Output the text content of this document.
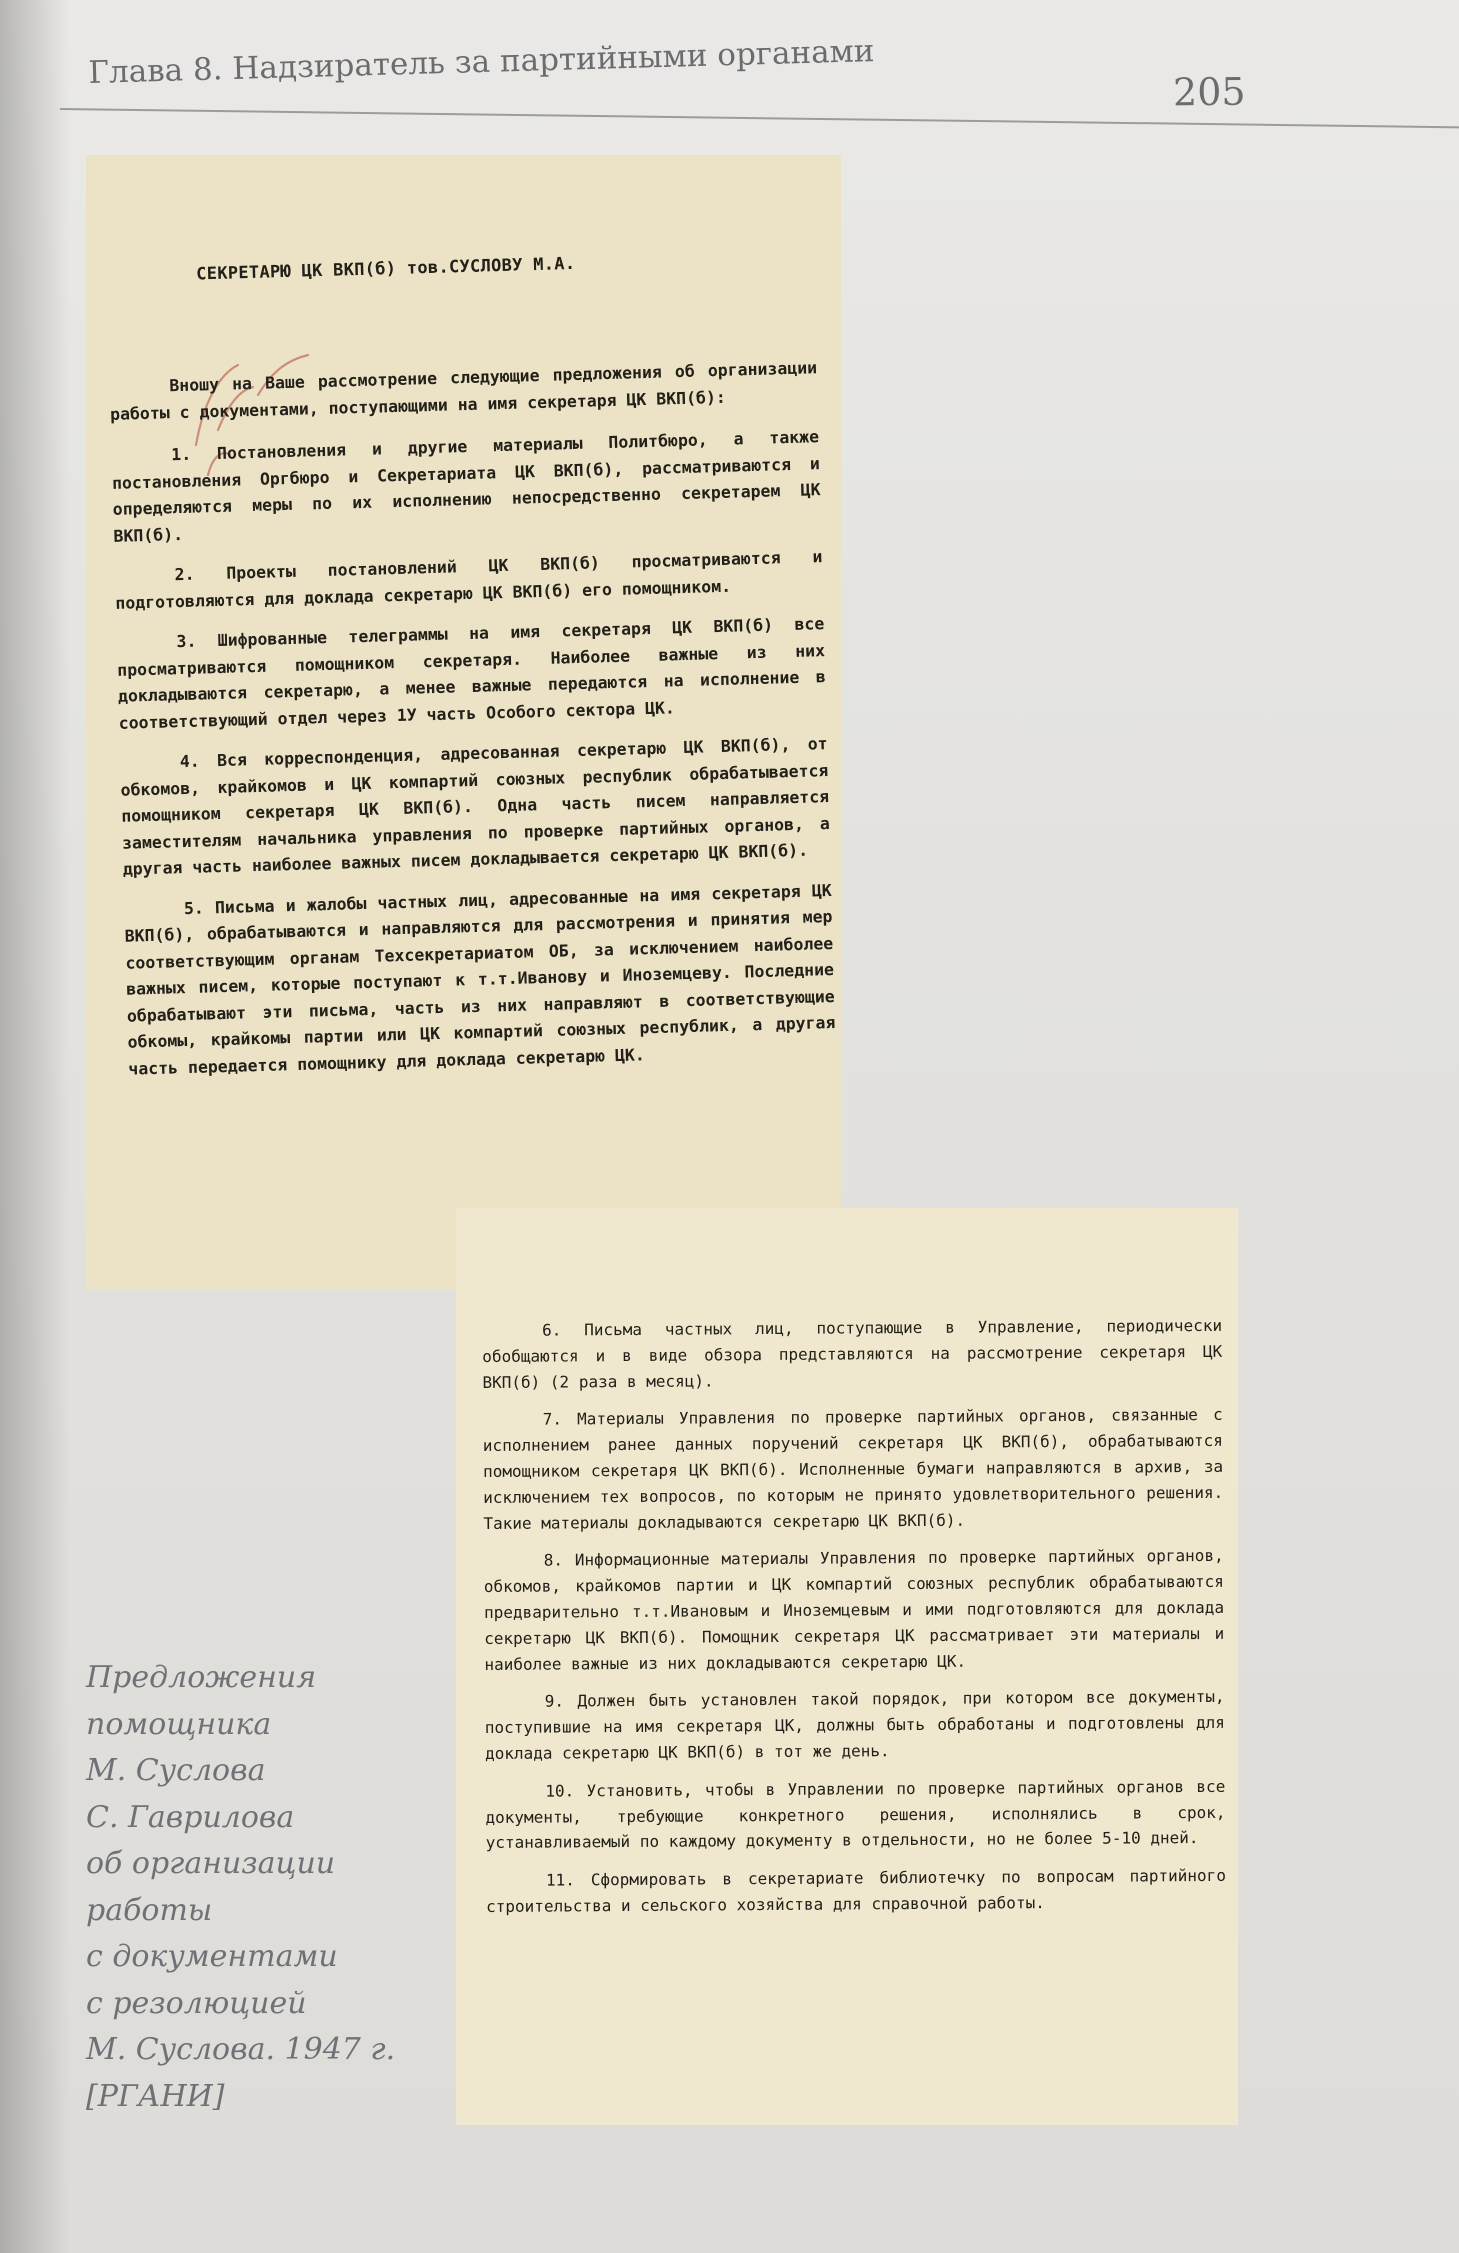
Глава 8. Надзиратель за партийными органами
205
СЕКРЕТАРЮ ЦК ВКП(б) тов.СУСЛОВУ М.А.
Вношу на Ваше рассмотрение следующие предложения об организации работы с документами, поступающими на имя секретаря ЦК ВКП(б):
1. Постановления и другие материалы Политбюро, а также постановления Оргбюро и Секретариата ЦК ВКП(б), рассматриваются и определяются меры по их исполнению непосредственно секретарем ЦК ВКП(б).
2. Проекты постановлений ЦК ВКП(б) просматриваются и подготовляются для доклада секретарю ЦК ВКП(б) его помощником.
3. Шифрованные телеграммы на имя секретаря ЦК ВКП(б) все просматриваются помощником секретаря. Наиболее важные из них докладываются секретарю, а менее важные передаются на исполнение в соответствующий отдел через 1У часть Особого сектора ЦК.
4. Вся корреспонденция, адресованная секретарю ЦК ВКП(б), от обкомов, крайкомов и ЦК компартий союзных республик обрабатывается помощником секретаря ЦК ВКП(б). Одна часть писем направляется заместителям начальника управления по проверке партийных органов, а другая часть наиболее важных писем докладывается секретарю ЦК ВКП(б).
5. Письма и жалобы частных лиц, адресованные на имя секретаря ЦК ВКП(б), обрабатываются и направляются для рассмотрения и принятия мер соответствующим органам Техсекретариатом ОБ, за исключением наиболее важных писем, которые поступают к т.т.Иванову и Иноземцеву. Последние обрабатывают эти письма, часть из них направляют в соответствующие обкомы, крайкомы партии или ЦК компартий союзных республик, а другая часть передается помощнику для доклада секретарю ЦК.
6. Письма частных лиц, поступающие в Управление, периодически обобщаются и в виде обзора представляются на рассмотрение секретаря ЦК ВКП(б) (2 раза в месяц).
7. Материалы Управления по проверке партийных органов, связанные с исполнением ранее данных поручений секретаря ЦК ВКП(б), обрабатываются помощником секретаря ЦК ВКП(б). Исполненные бумаги направляются в архив, за исключением тех вопросов, по которым не принято удовлетворительного решения. Такие материалы докладываются секретарю ЦК ВКП(б).
8. Информационные материалы Управления по проверке партийных органов, обкомов, крайкомов партии и ЦК компартий союзных республик обрабатываются предварительно т.т.Ивановым и Иноземцевым и ими подготовляются для доклада секретарю ЦК ВКП(б). Помощник секретаря ЦК рассматривает эти материалы и наиболее важные из них докладываются секретарю ЦК.
9. Должен быть установлен такой порядок, при котором все документы, поступившие на имя секретаря ЦК, должны быть обработаны и подготовлены для доклада секретарю ЦК ВКП(б) в тот же день.
10. Установить, чтобы в Управлении по проверке партийных органов все документы, требующие конкретного решения, исполнялись в срок, устанавливаемый по каждому документу в отдельности, но не более 5-10 дней.
11. Сформировать в секретариате библиотечку по вопросам партийного строительства и сельского хозяйства для справочной работы.
Предложения
помощника
М. Суслова
С. Гаврилова
об организации
работы
с документами
с резолюцией
М. Суслова. 1947 г.
[РГАНИ]
